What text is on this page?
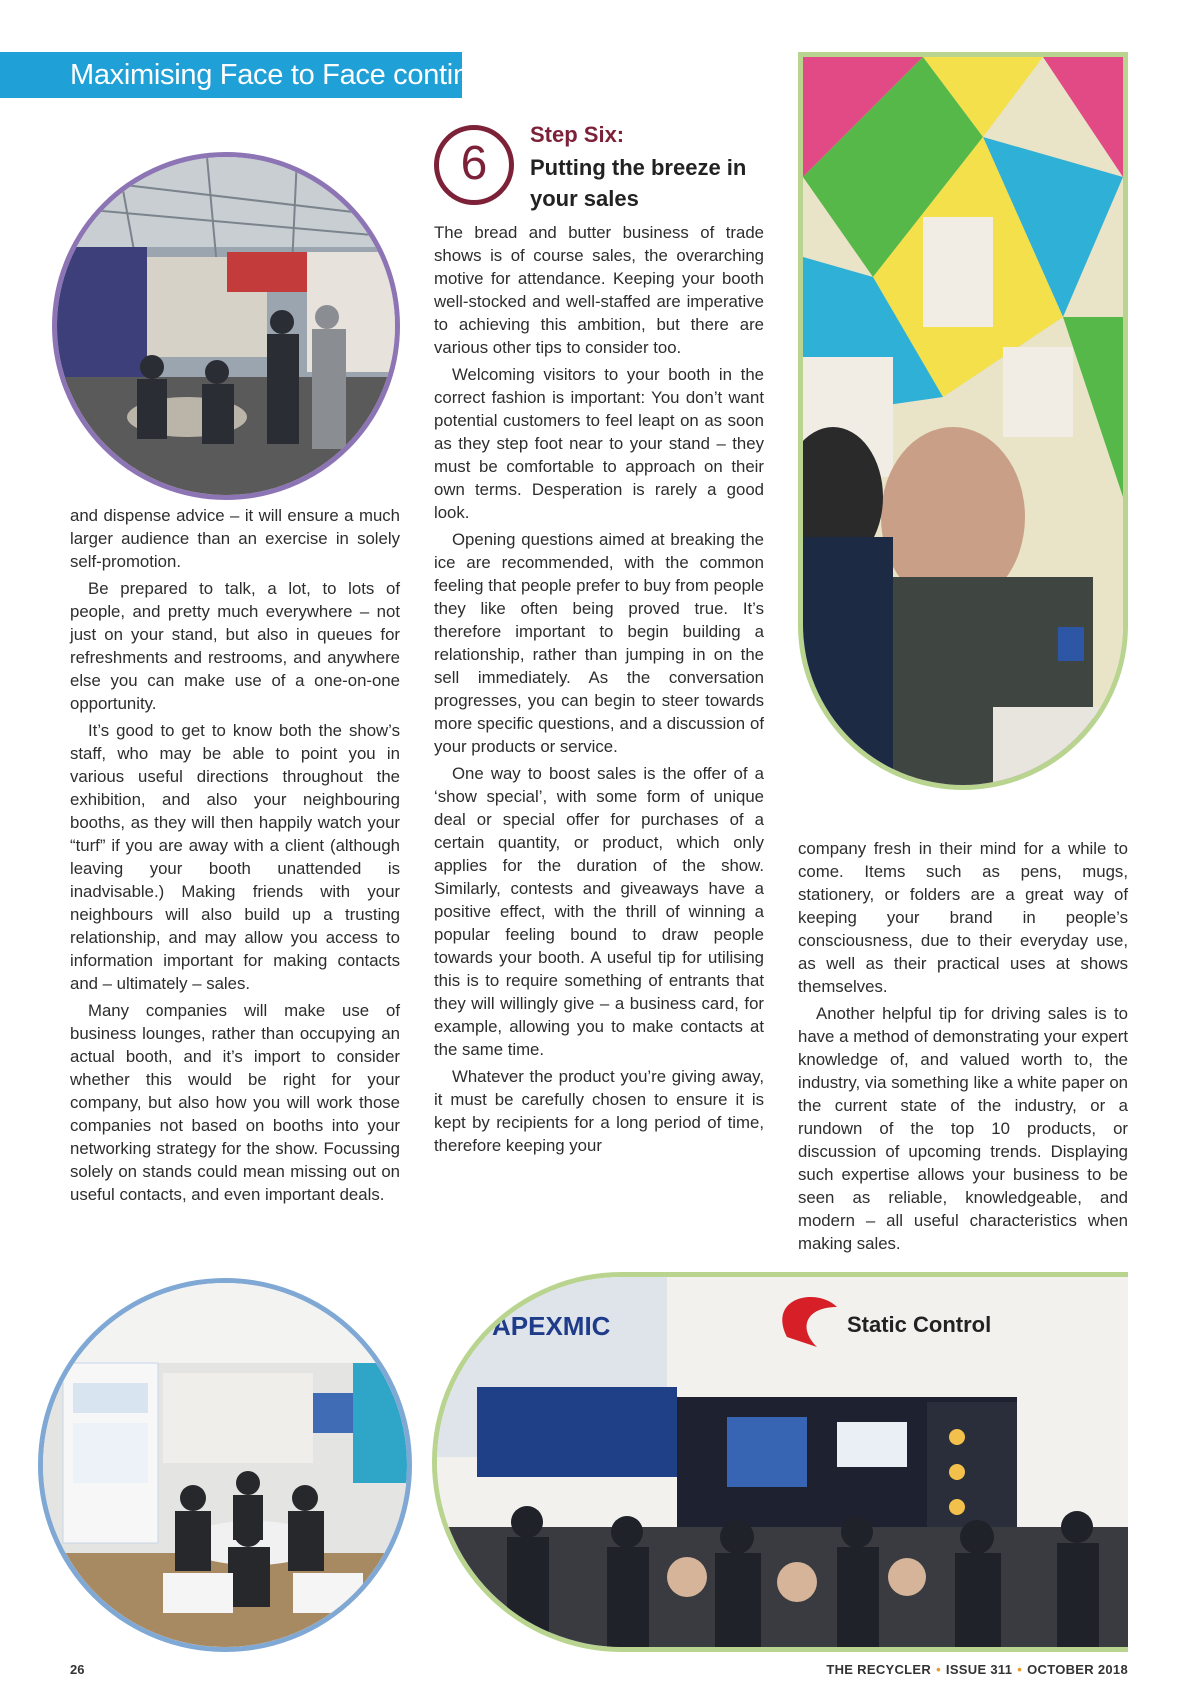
Maximising Face to Face continued
6
Step Six:
Putting the breeze in your sales

and dispense advice – it will ensure a much larger audience than an exercise in solely self-promotion.

Be prepared to talk, a lot, to lots of people, and pretty much everywhere – not just on your stand, but also in queues for refreshments and restrooms, and anywhere else you can make use of a one-on-one opportunity.

It’s good to get to know both the show’s staff, who may be able to point you in various useful directions throughout the exhibition, and also your neighbouring booths, as they will then happily watch your “turf” if you are away with a client (although leaving your booth unattended is inadvisable.) Making friends with your neighbours will also build up a trusting relationship, and may allow you access to information important for making contacts and – ultimately – sales.

Many companies will make use of business lounges, rather than occupying an actual booth, and it’s import to consider whether this would be right for your company, but also how you will work those companies not based on booths into your networking strategy for the show. Focussing solely on stands could mean missing out on useful contacts, and even important deals.

The bread and butter business of trade shows is of course sales, the overarching motive for attendance. Keeping your booth well-stocked and well-staffed are imperative to achieving this ambition, but there are various other tips to consider too.

Welcoming visitors to your booth in the correct fashion is important: You don’t want potential customers to feel leapt on as soon as they step foot near to your stand – they must be comfortable to approach on their own terms. Desperation is rarely a good look.

Opening questions aimed at breaking the ice are recommended, with the common feeling that people prefer to buy from people they like often being proved true. It’s therefore important to begin building a relationship, rather than jumping in on the sell immediately. As the conversation progresses, you can begin to steer towards more specific questions, and a discussion of your products or service.

One way to boost sales is the offer of a ‘show special’, with some form of unique deal or special offer for purchases of a certain quantity, or product, which only applies for the duration of the show. Similarly, contests and giveaways have a positive effect, with the thrill of winning a popular feeling bound to draw people towards your booth. A useful tip for utilising this is to require something of entrants that they will willingly give – a business card, for example, allowing you to make contacts at the same time.

Whatever the product you’re giving away, it must be carefully chosen to ensure it is kept by recipients for a long period of time, therefore keeping your

company fresh in their mind for a while to come. Items such as pens, mugs, stationery, or folders are a great way of keeping your brand in people’s consciousness, due to their everyday use, as well as their practical uses at shows themselves.

Another helpful tip for driving sales is to have a method of demonstrating your expert knowledge of, and valued worth to, the industry, via something like a white paper on the current state of the industry, or a rundown of the top 10 products, or discussion of upcoming trends. Displaying such expertise allows your business to be seen as reliable, knowledgeable, and modern – all useful characteristics when making sales.

APEXMIC	Static Control
26	THE RECYCLER • ISSUE 311 • OCTOBER 2018
